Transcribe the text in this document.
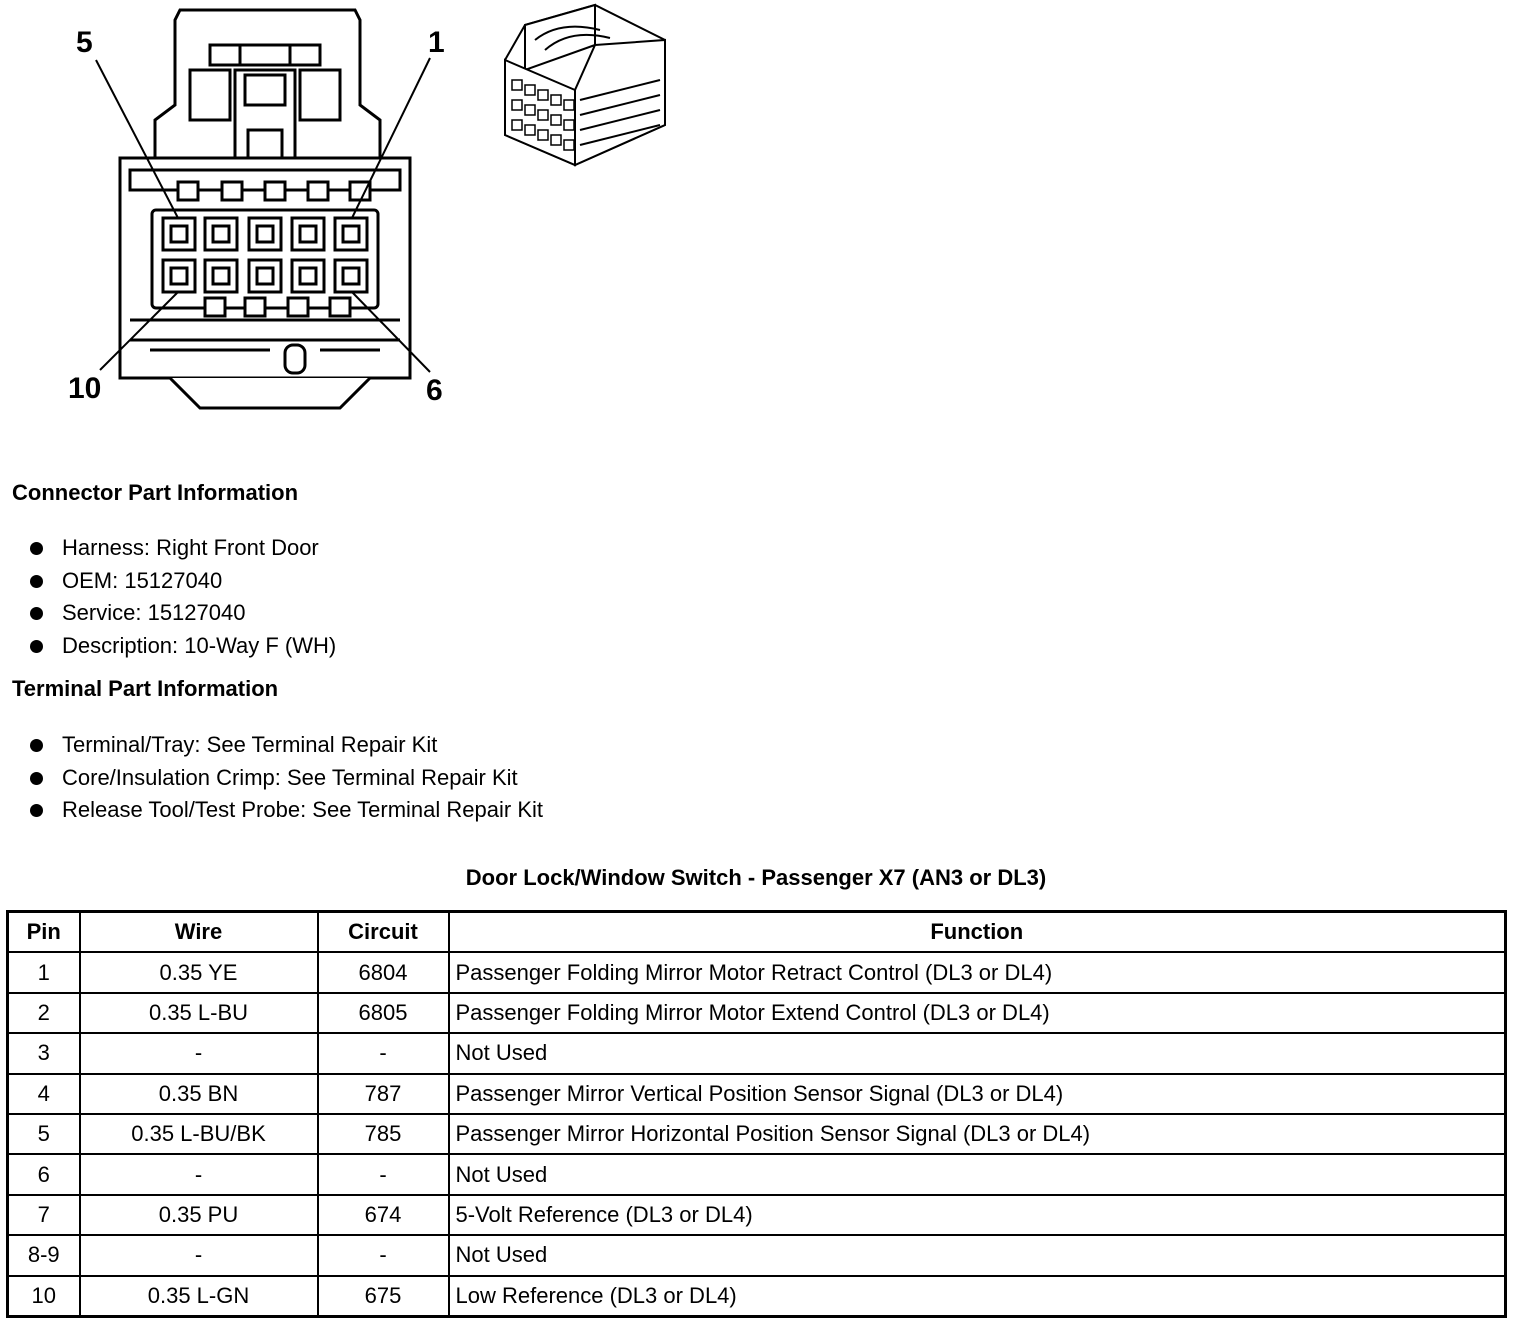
5	1
10	6
Connector Part Information
Harness: Right Front Door
OEM: 15127040
Service: 15127040
Description: 10-Way F (WH)
Terminal Part Information
Terminal/Tray: See Terminal Repair Kit
Core/Insulation Crimp: See Terminal Repair Kit
Release Tool/Test Probe: See Terminal Repair Kit
Door Lock/Window Switch - Passenger X7 (AN3 or DL3)
Pin	Wire	Circuit	Function
1	0.35 YE	6804	Passenger Folding Mirror Motor Retract Control (DL3 or DL4)
2	0.35 L-BU	6805	Passenger Folding Mirror Motor Extend Control (DL3 or DL4)
3	-	-	Not Used
4	0.35 BN	787	Passenger Mirror Vertical Position Sensor Signal (DL3 or DL4)
5	0.35 L-BU/BK	785	Passenger Mirror Horizontal Position Sensor Signal (DL3 or DL4)
6	-	-	Not Used
7	0.35 PU	674	5-Volt Reference (DL3 or DL4)
8-9	-	-	Not Used
10	0.35 L-GN	675	Low Reference (DL3 or DL4)
